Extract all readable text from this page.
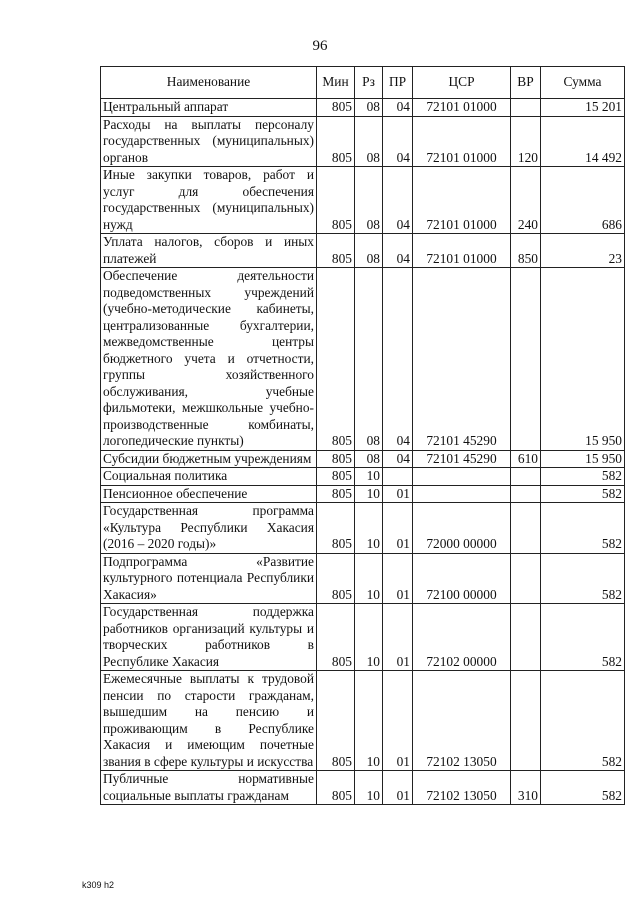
96
Наименование	Мин	Рз	ПР	ЦСР	ВР	Сумма
Центральный аппарат	805	08	04	72101 01000		15 201
Расходы на выплаты персоналу государственных (муниципальных) органов	805	08	04	72101 01000	120	14 492
Иные закупки товаров, работ и услуг для обеспечения государственных (муниципальных) нужд	805	08	04	72101 01000	240	686
Уплата налогов, сборов и иных платежей	805	08	04	72101 01000	850	23
Обеспечение деятельности подведомственных учреждений (учебно-методические кабинеты, централизованные бухгалтерии, межведомственные центры бюджетного учета и отчетности, группы хозяйственного обслуживания, учебные фильмотеки, межшкольные учебно-производственные комбинаты, логопедические пункты)	805	08	04	72101 45290		15 950
Субсидии бюджетным учреждениям	805	08	04	72101 45290	610	15 950
Социальная политика	805	10				582
Пенсионное обеспечение	805	10	01			582
Государственная программа «Культура Республики Хакасия (2016 – 2020 годы)»	805	10	01	72000 00000		582
Подпрограмма «Развитие культурного потенциала Республики Хакасия»	805	10	01	72100 00000		582
Государственная поддержка работников организаций культуры и творческих работников в Республике Хакасия	805	10	01	72102 00000		582
Ежемесячные выплаты к трудовой пенсии по старости гражданам, вышедшим на пенсию и проживающим в Республике Хакасия и имеющим почетные звания в сфере культуры и искусства	805	10	01	72102 13050		582
Публичные нормативные социальные выплаты гражданам	805	10	01	72102 13050	310	582
k309 h2
